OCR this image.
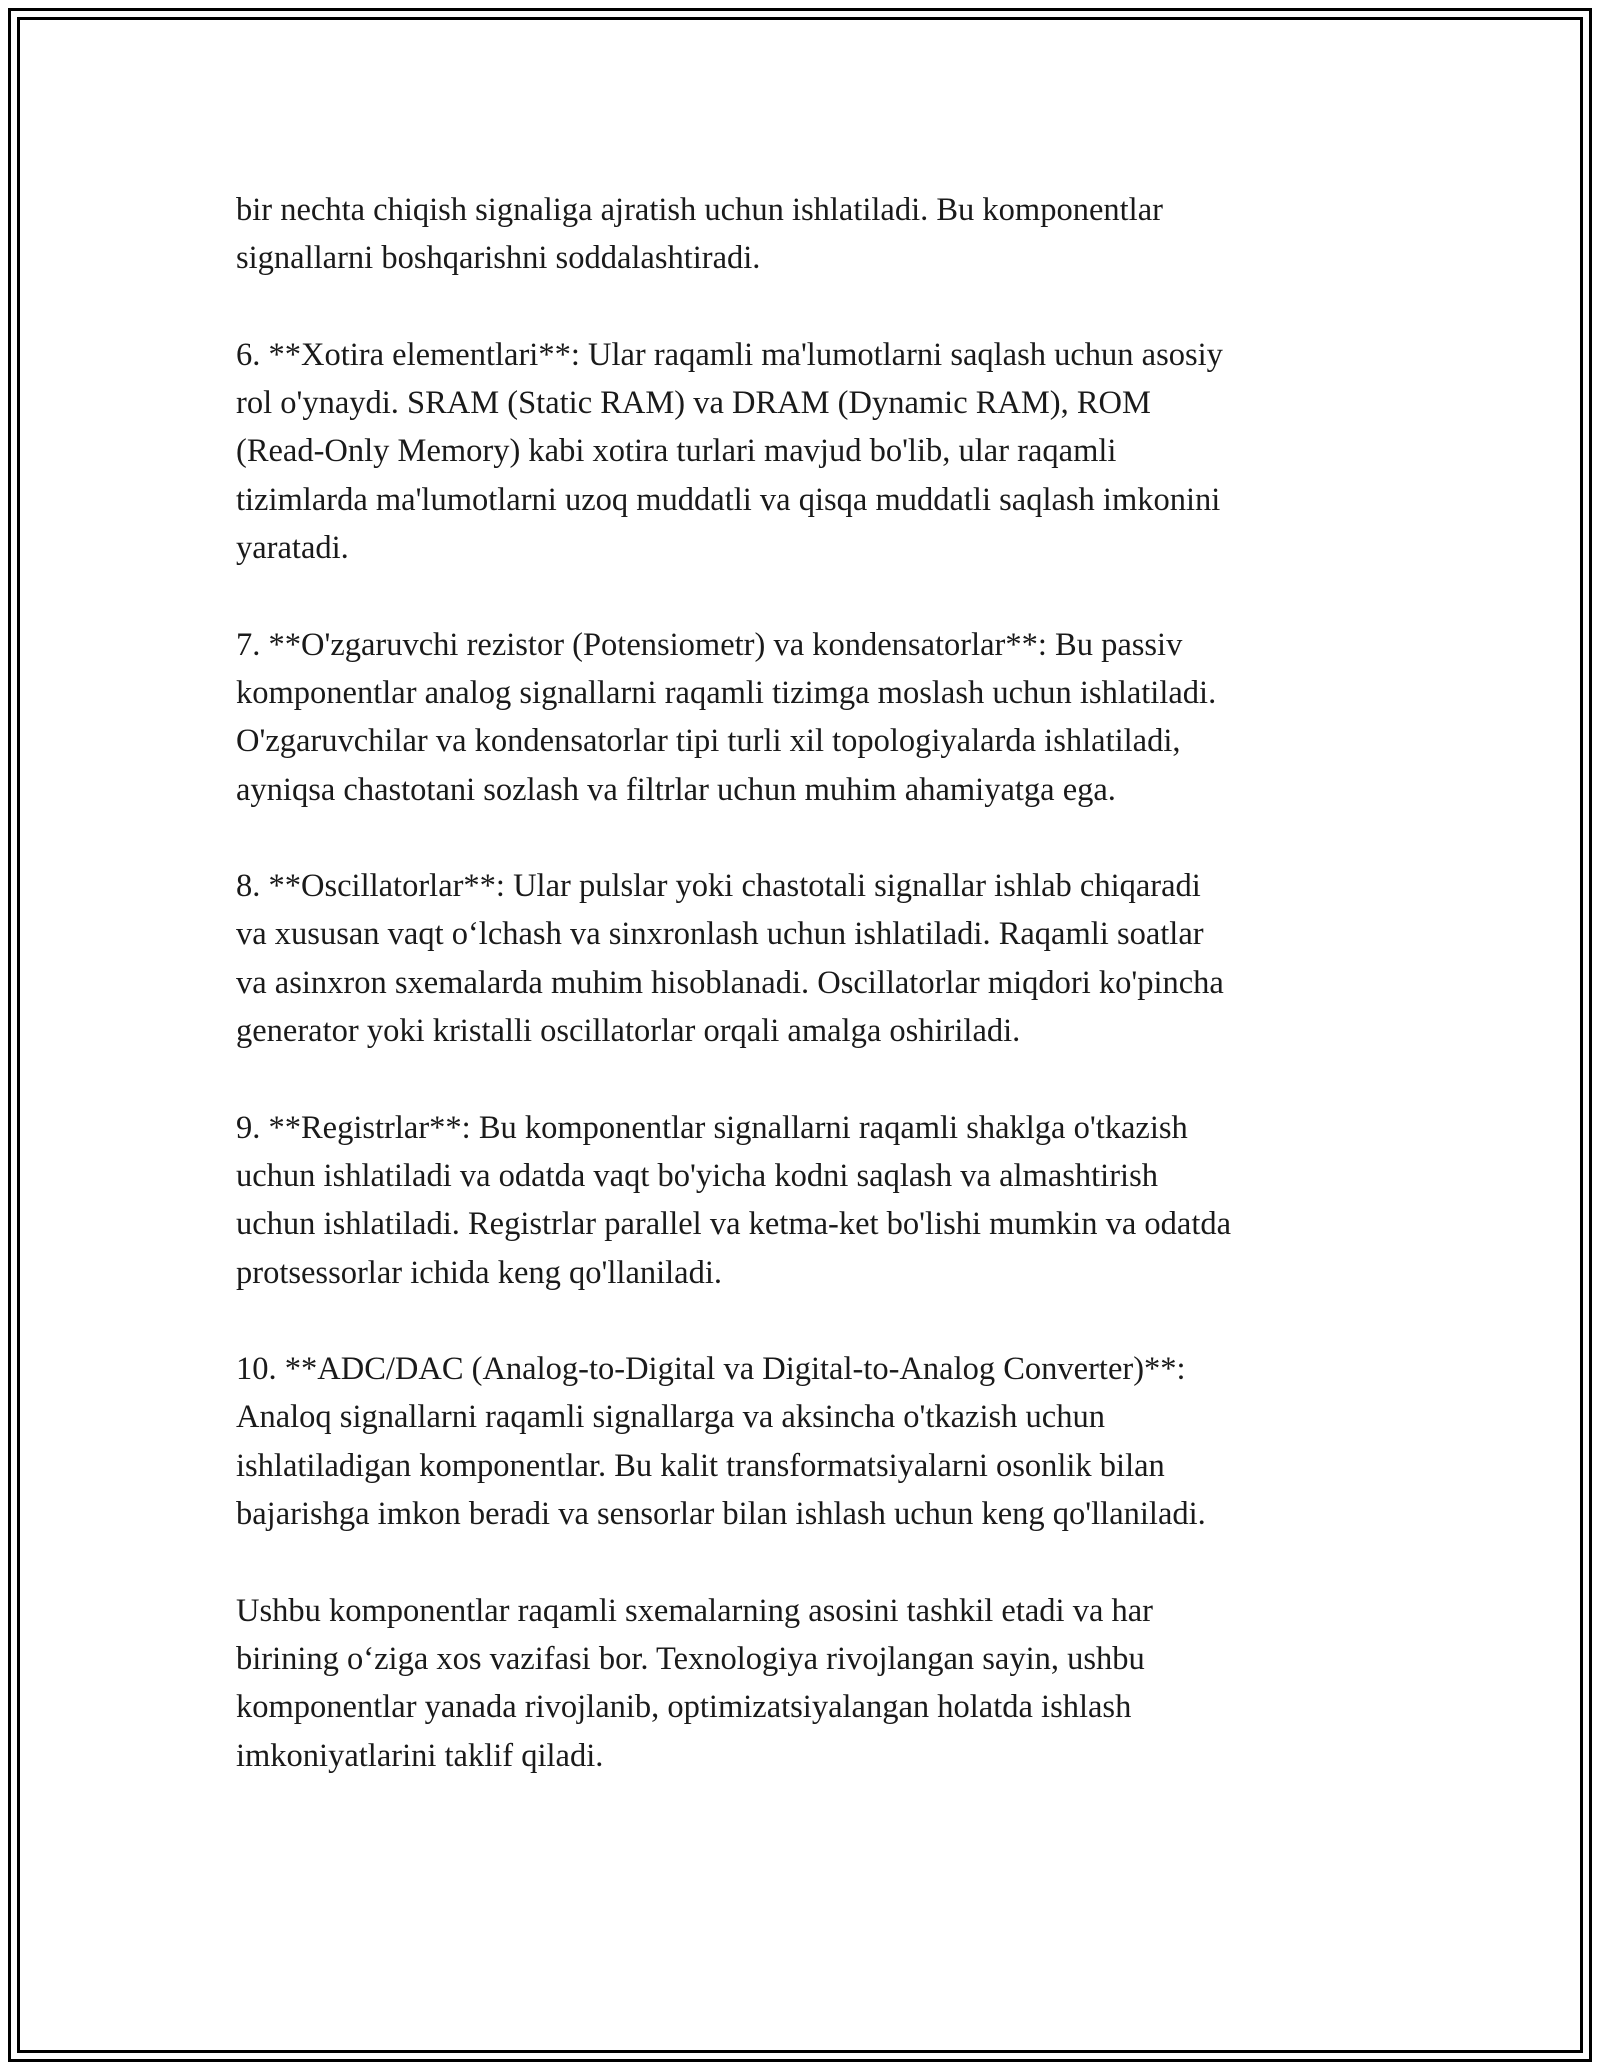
bir nechta chiqish signaliga ajratish uchun ishlatiladi. Bu komponentlar
signallarni boshqarishni soddalashtiradi.

6. **Xotira elementlari**: Ular raqamli ma'lumotlarni saqlash uchun asosiy
rol o'ynaydi. SRAM (Static RAM) va DRAM (Dynamic RAM), ROM
(Read-Only Memory) kabi xotira turlari mavjud bo'lib, ular raqamli
tizimlarda ma'lumotlarni uzoq muddatli va qisqa muddatli saqlash imkonini
yaratadi.

7. **O'zgaruvchi rezistor (Potensiometr) va kondensatorlar**: Bu passiv
komponentlar analog signallarni raqamli tizimga moslash uchun ishlatiladi.
O'zgaruvchilar va kondensatorlar tipi turli xil topologiyalarda ishlatiladi,
ayniqsa chastotani sozlash va filtrlar uchun muhim ahamiyatga ega.

8. **Oscillatorlar**: Ular pulslar yoki chastotali signallar ishlab chiqaradi
va xususan vaqt o‘lchash va sinxronlash uchun ishlatiladi. Raqamli soatlar
va asinxron sxemalarda muhim hisoblanadi. Oscillatorlar miqdori ko'pincha
generator yoki kristalli oscillatorlar orqali amalga oshiriladi.

9. **Registrlar**: Bu komponentlar signallarni raqamli shaklga o'tkazish
uchun ishlatiladi va odatda vaqt bo'yicha kodni saqlash va almashtirish
uchun ishlatiladi. Registrlar parallel va ketma-ket bo'lishi mumkin va odatda
protsessorlar ichida keng qo'llaniladi.

10. **ADC/DAC (Analog-to-Digital va Digital-to-Analog Converter)**:
Analoq signallarni raqamli signallarga va aksincha o'tkazish uchun
ishlatiladigan komponentlar. Bu kalit transformatsiyalarni osonlik bilan
bajarishga imkon beradi va sensorlar bilan ishlash uchun keng qo'llaniladi.

Ushbu komponentlar raqamli sxemalarning asosini tashkil etadi va har
birining o‘ziga xos vazifasi bor. Texnologiya rivojlangan sayin, ushbu
komponentlar yanada rivojlanib, optimizatsiyalangan holatda ishlash
imkoniyatlarini taklif qiladi.
